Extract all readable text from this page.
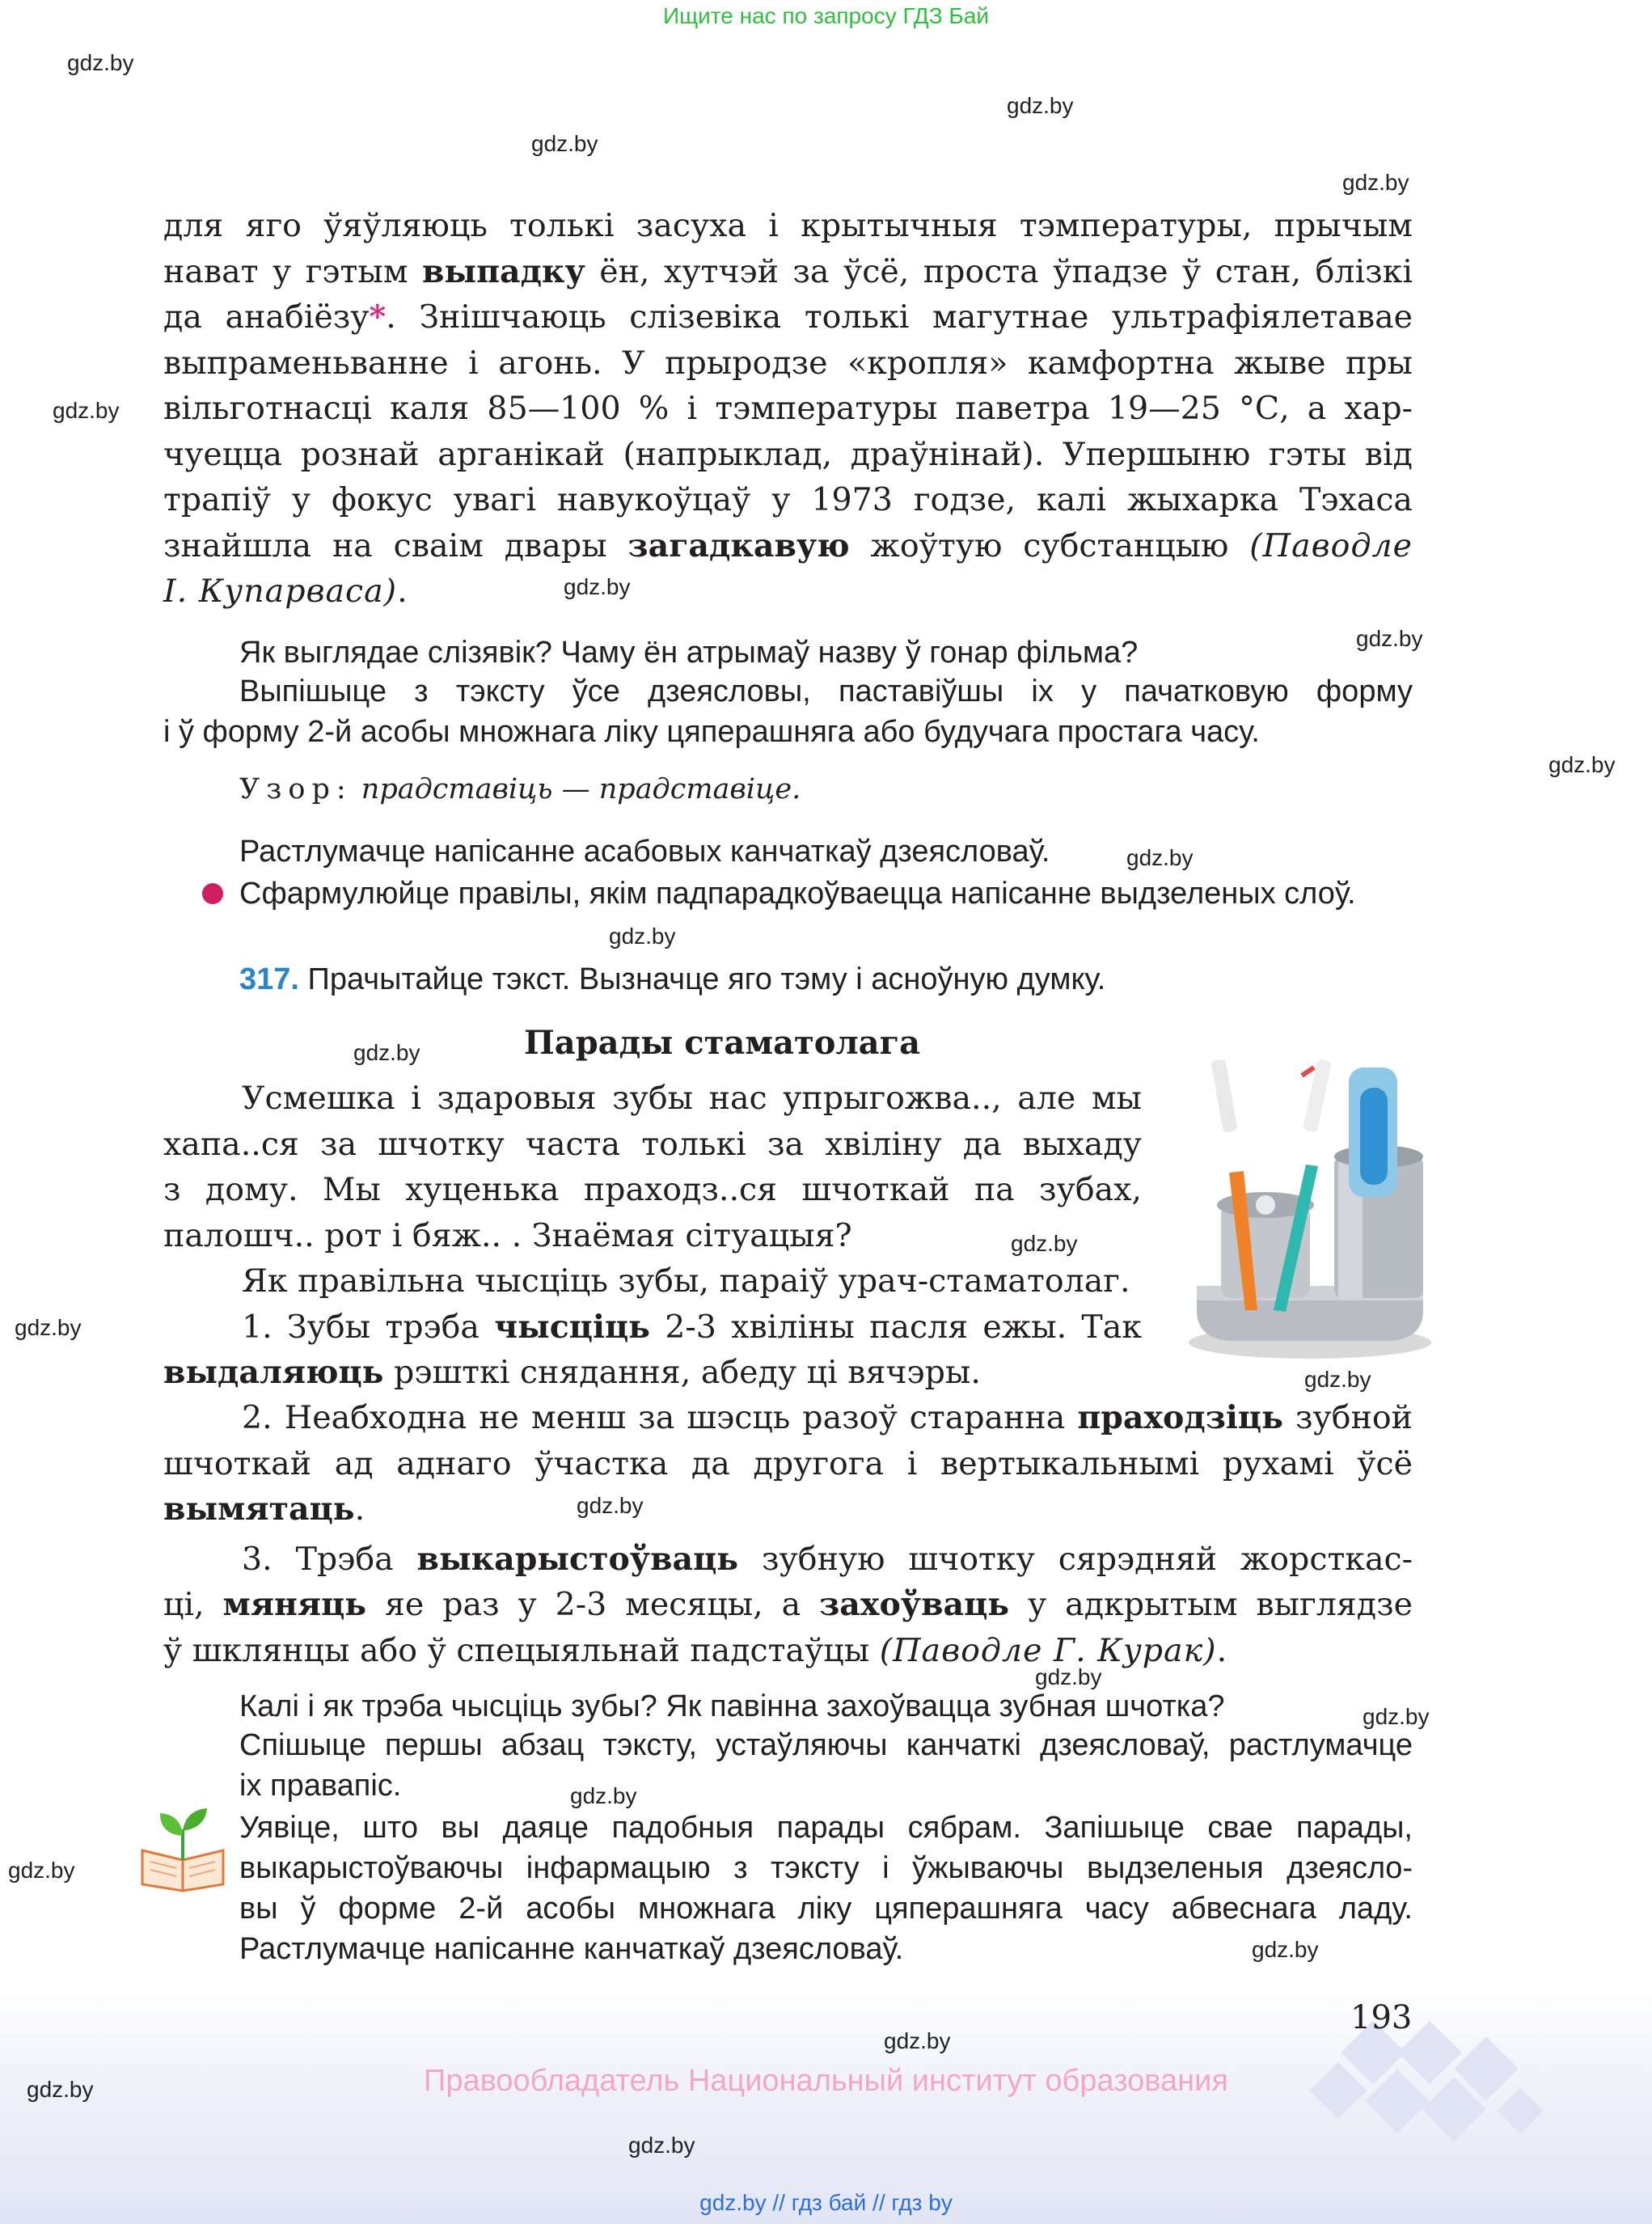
Ищите нас по запросу ГДЗ Бай
gdz.by
gdz.by
gdz.by
gdz.by
gdz.by
gdz.by
gdz.by
gdz.by
gdz.by
gdz.by
gdz.by
gdz.by
gdz.by
gdz.by
gdz.by
gdz.by
gdz.by
gdz.by
gdz.by
gdz.by
gdz.by
gdz.by
gdz.by
для яго ўяўляюць толькі засуха і крытычныя тэмпературы, прычым
нават у гэтым выпадку ён, хутчэй за ўсё, проста ўпадзе ў стан, блізкі
да анабіёзу*. Знішчаюць слізевіка толькі магутнае ультрафіялетавае
выпраменьванне і агонь. У прыродзе «кропля» камфортна жыве пры
вільготнасці каля 85—100 % і тэмпературы паветра 19—25 °С, а хар-
чуецца рознай арганікай (напрыклад, драўнінай). Упершыню гэты від
трапіў у фокус увагі навукоўцаў у 1973 годзе, калі жыхарка Тэхаса
знайшла на сваім двары загадкавую жоўтую субстанцыю (Паводле
І. Купарваса).
Як выглядае слізявік? Чаму ён атрымаў назву ў гонар фільма?
Выпішыце з тэксту ўсе дзеясловы, паставіўшы іх у пачатковую форму
і ў форму 2-й асобы множнага ліку цяперашняга або будучага простага часу.
Узор: прадставіць — прадставіце.
Растлумачце напісанне асабовых канчаткаў дзеясловаў.
Сфармулюйце правілы, якім падпарадкоўваецца напісанне выдзеленых слоў.
317. Прачытайце тэкст. Вызначце яго тэму і асноўную думку.
Парады стаматолага
Усмешка і здаровыя зубы нас упрыгожва.., але мы
хапа..ся за шчотку часта толькі за хвіліну да выхаду
з дому. Мы хуценька праходз..ся шчоткай па зубах,
палошч.. рот і бяж.. . Знаёмая сітуацыя?
Як правільна чысціць зубы, параіў урач-стаматолаг.
1. Зубы трэба чысціць 2-3 хвіліны пасля ежы. Так
выдаляюць рэшткі снядання, абеду ці вячэры.
2. Неабходна не менш за шэсць разоў старанна праходзіць зубной
шчоткай ад аднаго ўчастка да другога і вертыкальнымі рухамі ўсё
вымятаць.
3. Трэба выкарыстоўваць зубную шчотку сярэдняй жорсткас-
ці, мяняць яе раз у 2-3 месяцы, а захоўваць у адкрытым выглядзе
ў шклянцы або ў спецыяльнай падстаўцы (Паводле Г. Курак).
Калі і як трэба чысціць зубы? Як павінна захоўвацца зубная шчотка?
Спішыце першы абзац тэксту, устаўляючы канчаткі дзеясловаў, растлумачце
іх правапіс.
Уявіце, што вы даяце падобныя парады сябрам. Запішыце свае парады,
выкарыстоўваючы інфармацыю з тэксту і ўжываючы выдзеленыя дзеяслo-
вы ў форме 2-й асобы множнага ліку цяперашняга часу абвеснага ладу.
Растлумачце напісанне канчаткаў дзеясловаў.
193
Правообладатель Национальный институт образования
gdz.by // гдз бай // гдз by
